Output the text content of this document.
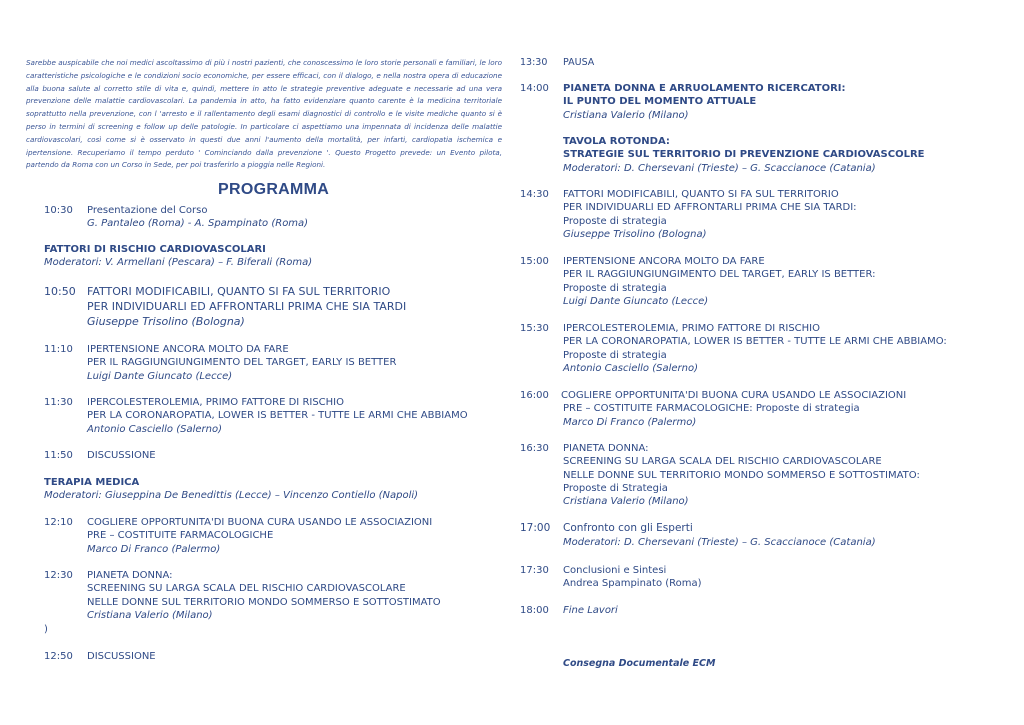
Sarebbe auspicabile che noi medici ascoltassimo di più i nostri pazienti, che conoscessimo le loro storie personali e familiari, le loro caratteristiche psicologiche e le condizioni socio economiche, per essere efficaci, con il dialogo, e nella nostra opera di educazione alla buona salute al corretto stile di vita e, quindi, mettere in atto le strategie preventive adeguate e necessarie ad una vera prevenzione delle malattie cardiovascolari. La pandemia in atto, ha fatto evidenziare quanto carente è la medicina territoriale soprattutto nella prevenzione, con l 'arresto e il rallentamento degli esami diagnostici di controllo e le visite mediche quanto si è perso in termini di screening e follow up delle patologie. In particolare ci aspettiamo una impennata di incidenza delle malattie cardiovascolari, così come si è osservato in questi due anni l'aumento della mortalità, per infarti, cardiopatia ischemica e ipertensione. Recuperiamo il tempo perduto ' Cominciando dalla prevenzione '. Questo Progetto prevede: un Evento pilota, partendo da Roma con un Corso in Sede, per poi trasferirlo a pioggia nelle Regioni.

PROGRAMMA
10:30 Presentazione del Corso
G. Pantaleo (Roma) - A. Spampinato (Roma)
FATTORI DI RISCHIO CARDIOVASCOLARI
Moderatori: V. Armellani (Pescara) – F. Biferali (Roma)
10:50 FATTORI MODIFICABILI, QUANTO SI FA SUL TERRITORIO
PER INDIVIDUARLI ED AFFRONTARLI PRIMA CHE SIA TARDI
Giuseppe Trisolino (Bologna)
11:10 IPERTENSIONE ANCORA MOLTO DA FARE
PER IL RAGGIUNGIUNGIMENTO DEL TARGET, EARLY IS BETTER
Luigi Dante Giuncato (Lecce)
11:30 IPERCOLESTEROLEMIA, PRIMO FATTORE DI RISCHIO
PER LA CORONAROPATIA, LOWER IS BETTER - TUTTE LE ARMI CHE ABBIAMO
Antonio Casciello (Salerno)
11:50 DISCUSSIONE
TERAPIA MEDICA
Moderatori: Giuseppina De Benedittis (Lecce) – Vincenzo Contiello (Napoli)
12:10 COGLIERE OPPORTUNITA'DI BUONA CURA USANDO LE ASSOCIAZIONI
PRE – COSTITUITE FARMACOLOGICHE
Marco Di Franco (Palermo)
12:30 PIANETA DONNA:
SCREENING SU LARGA SCALA DEL RISCHIO CARDIOVASCOLARE
NELLE DONNE SUL TERRITORIO MONDO SOMMERSO E SOTTOSTIMATO
Cristiana Valerio (Milano)
)
12:50 DISCUSSIONE
13:30 PAUSA
14:00 PIANETA DONNA E ARRUOLAMENTO RICERCATORI:
IL PUNTO DEL MOMENTO ATTUALE
Cristiana Valerio (Milano)
TAVOLA ROTONDA:
STRATEGIE SUL TERRITORIO DI PREVENZIONE CARDIOVASCOLRE
Moderatori: D. Chersevani (Trieste) – G. Scaccianoce (Catania)
14:30 FATTORI MODIFICABILI, QUANTO SI FA SUL TERRITORIO
PER INDIVIDUARLI ED AFFRONTARLI PRIMA CHE SIA TARDI:
Proposte di strategia
Giuseppe Trisolino (Bologna)
15:00 IPERTENSIONE ANCORA MOLTO DA FARE
PER IL RAGGIUNGIUNGIMENTO DEL TARGET, EARLY IS BETTER:
Proposte di strategia
Luigi Dante Giuncato (Lecce)
15:30 IPERCOLESTEROLEMIA, PRIMO FATTORE DI RISCHIO
PER LA CORONAROPATIA, LOWER IS BETTER - TUTTE LE ARMI CHE ABBIAMO:
Proposte di strategia
Antonio Casciello (Salerno)
16:00 COGLIERE OPPORTUNITA'DI BUONA CURA USANDO LE ASSOCIAZIONI
PRE – COSTITUITE FARMACOLOGICHE: Proposte di strategia
Marco Di Franco (Palermo)
16:30 PIANETA DONNA:
SCREENING SU LARGA SCALA DEL RISCHIO CARDIOVASCOLARE
NELLE DONNE SUL TERRITORIO MONDO SOMMERSO E SOTTOSTIMATO:
Proposte di Strategia
Cristiana Valerio (Milano)
17:00 Confronto con gli Esperti
Moderatori: D. Chersevani (Trieste) – G. Scaccianoce (Catania)
17:30 Conclusioni e Sintesi
Andrea Spampinato (Roma)
18:00 Fine Lavori
Consegna Documentale ECM
